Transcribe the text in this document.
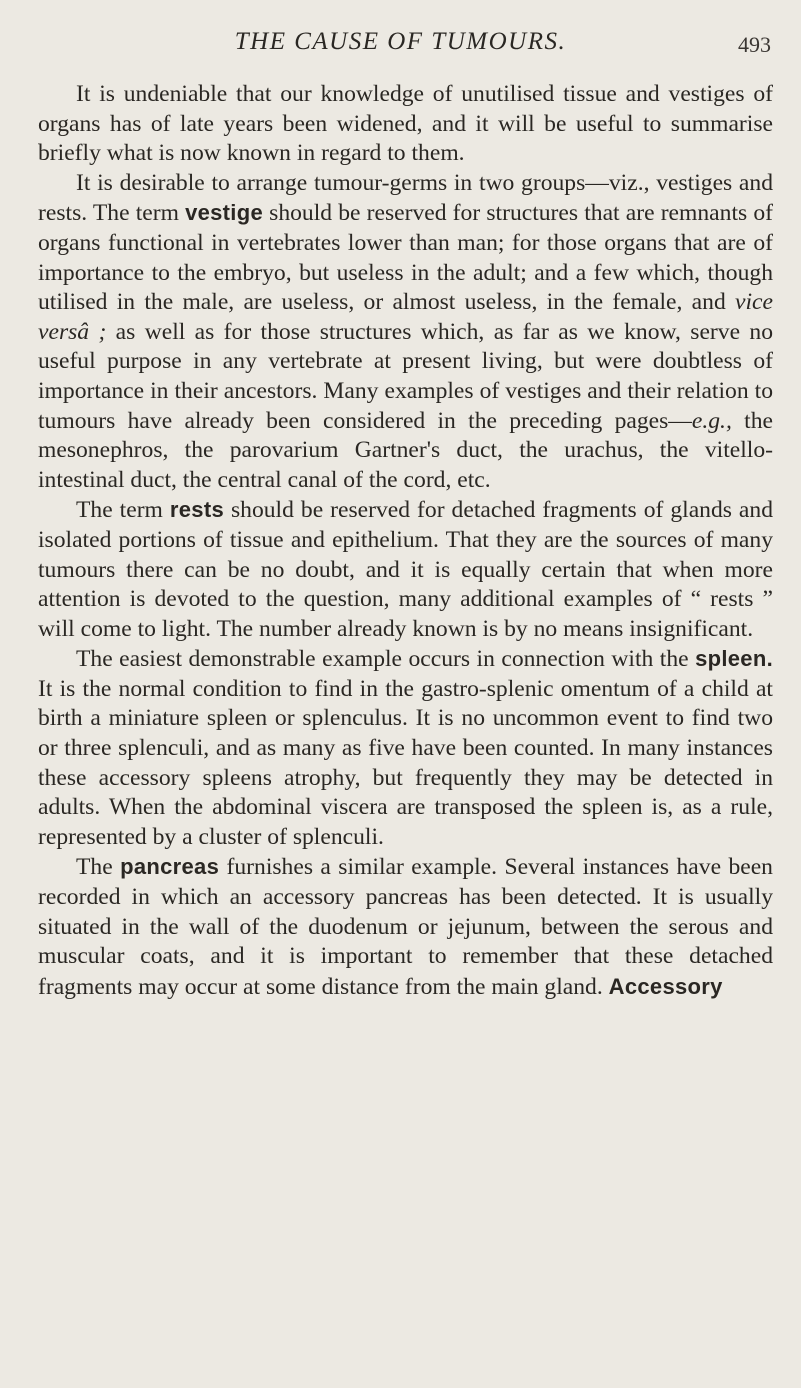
THE CAUSE OF TUMOURS.	493

It is undeniable that our knowledge of unutilised tissue and vestiges of organs has of late years been widened, and it will be useful to summarise briefly what is now known in regard to them.

It is desirable to arrange tumour-germs in two groups—viz., vestiges and rests. The term vestige should be reserved for structures that are remnants of organs functional in vertebrates lower than man; for those organs that are of importance to the embryo, but useless in the adult; and a few which, though utilised in the male, are useless, or almost useless, in the female, and vice versâ ; as well as for those structures which, as far as we know, serve no useful purpose in any vertebrate at present living, but were doubtless of importance in their ancestors. Many examples of vestiges and their relation to tumours have already been considered in the preceding pages—e.g., the mesonephros, the parovarium Gartner's duct, the urachus, the vitello-intestinal duct, the central canal of the cord, etc.

The term rests should be reserved for detached fragments of glands and isolated portions of tissue and epithelium. That they are the sources of many tumours there can be no doubt, and it is equally certain that when more attention is devoted to the question, many additional examples of “ rests ” will come to light. The number already known is by no means insignificant.

The easiest demonstrable example occurs in connection with the spleen. It is the normal condition to find in the gastro-splenic omentum of a child at birth a miniature spleen or splenculus. It is no uncommon event to find two or three splenculi, and as many as five have been counted. In many instances these accessory spleens atrophy, but frequently they may be detected in adults. When the abdominal viscera are transposed the spleen is, as a rule, represented by a cluster of splenculi.

The pancreas furnishes a similar example. Several instances have been recorded in which an accessory pancreas has been detected. It is usually situated in the wall of the duodenum or jejunum, between the serous and muscular coats, and it is important to remember that these detached fragments may occur at some distance from the main gland. Accessory
